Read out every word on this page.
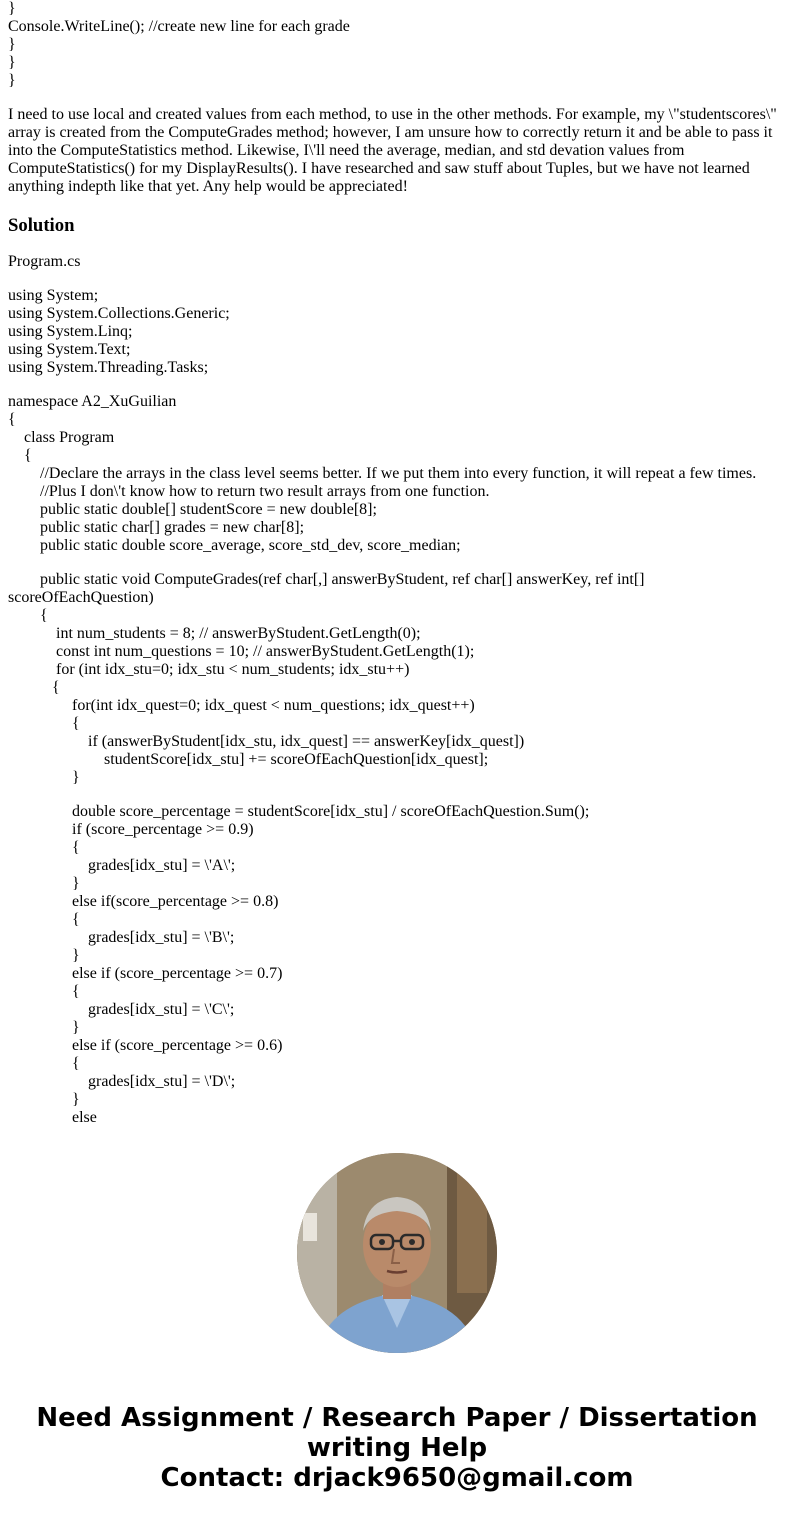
}
Console.WriteLine(); //create new line for each grade
}
}
}

I need to use local and created values from each method, to use in the other methods. For example, my \"studentscores\" array is created from the ComputeGrades method; however, I am unsure how to correctly return it and be able to pass it into the ComputeStatistics method. Likewise, I\'ll need the average, median, and std devation values from ComputeStatistics() for my DisplayResults(). I have researched and saw stuff about Tuples, but we have not learned anything indepth like that yet. Any help would be appreciated!

Solution
Program.cs
using System;
using System.Collections.Generic;
using System.Linq;
using System.Text;
using System.Threading.Tasks;
namespace A2_XuGuilian
{
class Program
{
//Declare the arrays in the class level seems better. If we put them into every function, it will repeat a few times.
//Plus I don\'t know how to return two result arrays from one function.
public static double[] studentScore = new double[8];
public static char[] grades = new char[8];
public static double score_average, score_std_dev, score_median;
public static void ComputeGrades(ref char[,] answerByStudent, ref char[] answerKey, ref int[]
scoreOfEachQuestion)
{
int num_students = 8; // answerByStudent.GetLength(0);
const int num_questions = 10; // answerByStudent.GetLength(1);
for (int idx_stu=0; idx_stu < num_students; idx_stu++)
{
for(int idx_quest=0; idx_quest < num_questions; idx_quest++)
{
if (answerByStudent[idx_stu, idx_quest] == answerKey[idx_quest])
studentScore[idx_stu] += scoreOfEachQuestion[idx_quest];
}
double score_percentage = studentScore[idx_stu] / scoreOfEachQuestion.Sum();
if (score_percentage >= 0.9)
{
grades[idx_stu] = \'A\';
}
else if(score_percentage >= 0.8)
{
grades[idx_stu] = \'B\';
}
else if (score_percentage >= 0.7)
{
grades[idx_stu] = \'C\';
}
else if (score_percentage >= 0.6)
{
grades[idx_stu] = \'D\';
}
else
Need Assignment / Research Paper / Dissertation
writing Help
Contact: drjack9650@gmail.com
